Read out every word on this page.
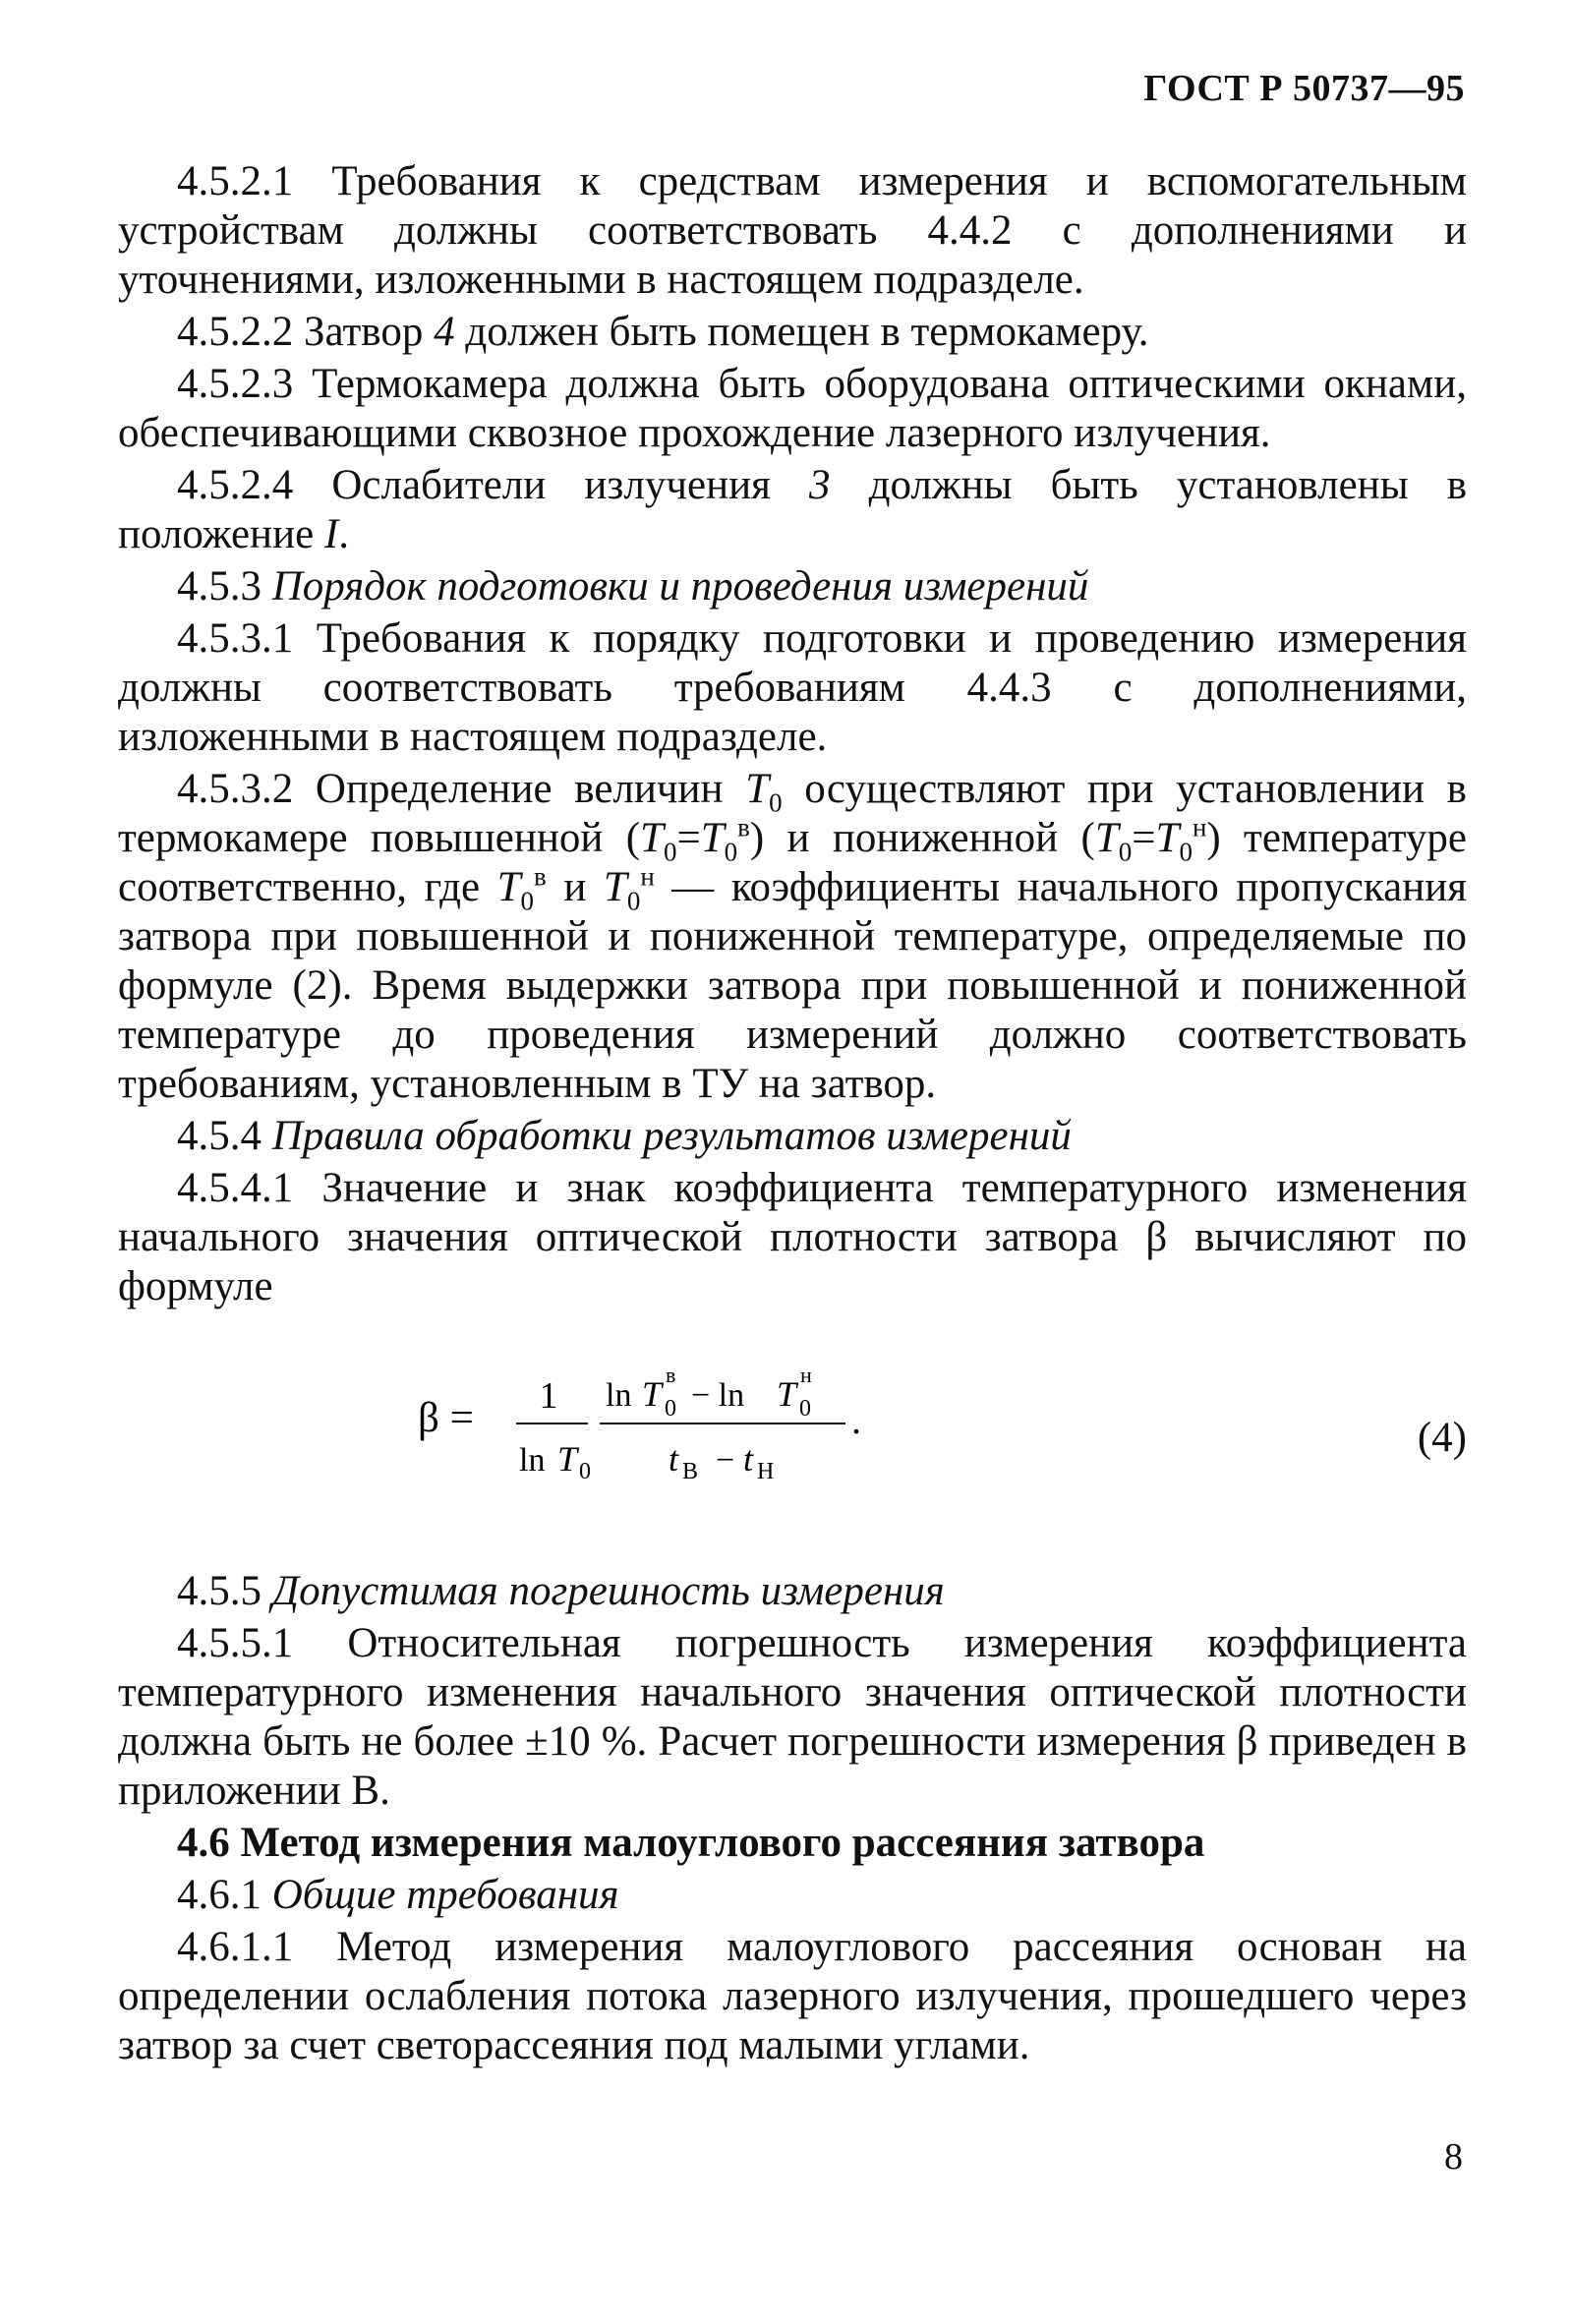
ГОСТ Р 50737—95

4.5.2.1 Требования к средствам измерения и вспомогательным устройствам должны соответствовать 4.4.2 с дополнениями и уточнениями, изложенными в настоящем подразделе.

4.5.2.2 Затвор 4 должен быть помещен в термокамеру.

4.5.2.3 Термокамера должна быть оборудована оптическими окнами, обеспечивающими сквозное прохождение лазерного излучения.

4.5.2.4 Ослабители излучения 3 должны быть установлены в положение I.

4.5.3 Порядок подготовки и проведения измерений

4.5.3.1 Требования к порядку подготовки и проведению измерения должны соответствовать требованиям 4.4.3 с дополнениями, изложенными в настоящем подразделе.

4.5.3.2 Определение величин $T_0$ осуществляют при установлении в термокамере повышенной $(T_0=T_0^в)$ и пониженной $(T_0=T_0^н)$ температуре соответственно, где $T_0^в$ и $T_0^н$ — коэффициенты начального пропускания затвора при повышенной и пониженной температуре, определяемые по формуле (2). Время выдержки затвора при повышенной и пониженной температуре до проведения измерений должно соответствовать требованиям, установленным в ТУ на затвор.

4.5.4 Правила обработки результатов измерений

4.5.4.1 Значение и знак коэффициента температурного изменения начального значения оптической плотности затвора β вычисляют по формуле

β = 1
ln T 0
ln T 0
в
− ln T 0
н
t В − t Н
.	(4)

4.5.5 Допустимая погрешность измерения

4.5.5.1 Относительная погрешность измерения коэффициента температурного изменения начального значения оптической плотности должна быть не более ±10 %. Расчет погрешности измерения β приведен в приложении В.

4.6 Метод измерения малоуглового рассеяния затвора

4.6.1 Общие требования

4.6.1.1 Метод измерения малоуглового рассеяния основан на определении ослабления потока лазерного излучения, прошедшего через затвор за счет светорассеяния под малыми углами.

8
